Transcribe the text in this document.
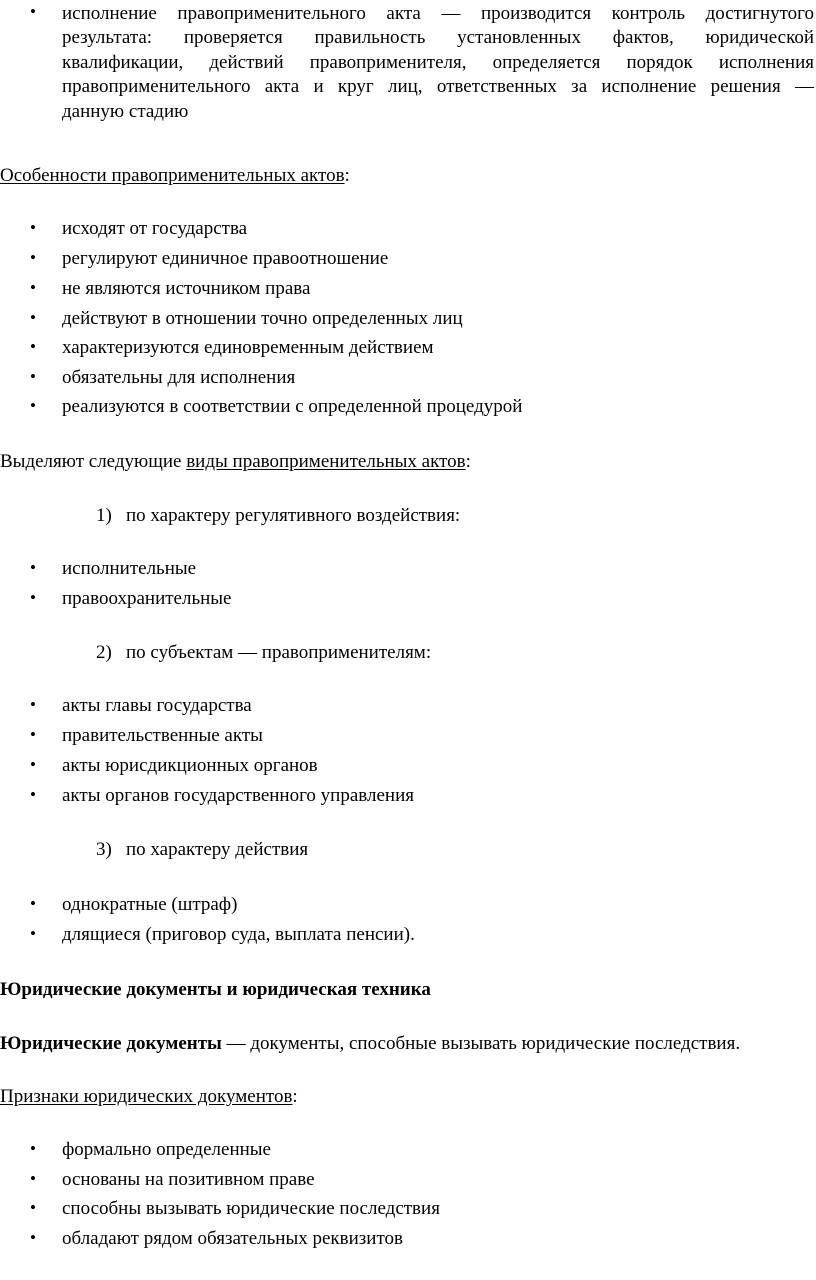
• исполнение правоприменительного акта — производится контроль достигнутого
результата: проверяется правильность установленных фактов, юридической
квалификации, действий правоприменителя, определяется порядок исполнения
правоприменительного акта и круг лиц, ответственных за исполнение решения —
данную стадию
Особенности правоприменительных актов:
• исходят от государства
• регулируют единичное правоотношение
• не являются источником права
• действуют в отношении точно определенных лиц
• характеризуются единовременным действием
• обязательны для исполнения
• реализуются в соответствии с определенной процедурой
Выделяют следующие виды правоприменительных актов:
1) по характеру регулятивного воздействия:
• исполнительные
• правоохранительные
2) по субъектам — правоприменителям:
• акты главы государства
• правительственные акты
• акты юрисдикционных органов
• акты органов государственного управления
3) по характеру действия
• однократные (штраф)
• длящиеся (приговор суда, выплата пенсии).
Юридические документы и юридическая техника
Юридические документы — документы, способные вызывать юридические последствия.
Признаки юридических документов:
• формально определенные
• основаны на позитивном праве
• способны вызывать юридические последствия
• обладают рядом обязательных реквизитов
